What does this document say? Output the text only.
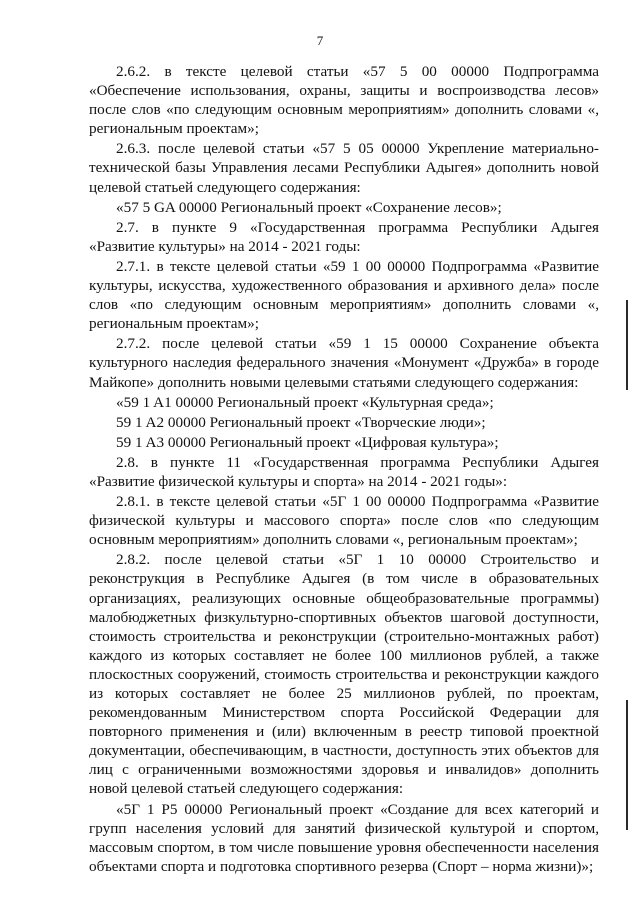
7

2.6.2. в тексте целевой статьи «57 5 00 00000 Подпрограмма «Обеспечение использования, охраны, защиты и воспроизводства лесов» после слов «по следующим основным мероприятиям» дополнить словами «, региональным проектам»;

2.6.3. после целевой статьи «57 5 05 00000 Укрепление материально-технической базы Управления лесами Республики Адыгея» дополнить новой целевой статьей следующего содержания:

«57 5 GA 00000 Региональный проект «Сохранение лесов»;

2.7. в пункте 9 «Государственная программа Республики Адыгея «Развитие культуры» на 2014 - 2021 годы:

2.7.1. в тексте целевой статьи «59 1 00 00000 Подпрограмма «Развитие культуры, искусства, художественного образования и архивного дела» после слов «по следующим основным мероприятиям» дополнить словами «, региональным проектам»;

2.7.2. после целевой статьи «59 1 15 00000 Сохранение объекта культурного наследия федерального значения «Монумент «Дружба» в городе Майкопе» дополнить новыми целевыми статьями следующего содержания:

«59 1 A1 00000 Региональный проект «Культурная среда»;

59 1 A2 00000 Региональный проект «Творческие люди»;

59 1 A3 00000 Региональный проект «Цифровая культура»;

2.8. в пункте 11 «Государственная программа Республики Адыгея «Развитие физической культуры и спорта» на 2014 - 2021 годы»:

2.8.1. в тексте целевой статьи «5Г 1 00 00000 Подпрограмма «Развитие физической культуры и массового спорта» после слов «по следующим основным мероприятиям» дополнить словами «, региональным проектам»;

2.8.2. после целевой статьи «5Г 1 10 00000 Строительство и реконструкция в Республике Адыгея (в том числе в образовательных организациях, реализующих основные общеобразовательные программы) малобюджетных физкультурно-спортивных объектов шаговой доступности, стоимость строительства и реконструкции (строительно-монтажных работ) каждого из которых составляет не более 100 миллионов рублей, а также плоскостных сооружений, стоимость строительства и реконструкции каждого из которых составляет не более 25 миллионов рублей, по проектам, рекомендованным Министерством спорта Российской Федерации для повторного применения и (или) включенным в реестр типовой проектной документации, обеспечивающим, в частности, доступность этих объектов для лиц с ограниченными возможностями здоровья и инвалидов» дополнить новой целевой статьей следующего содержания:

«5Г 1 P5 00000 Региональный проект «Создание для всех категорий и групп населения условий для занятий физической культурой и спортом, массовым спортом, в том числе повышение уровня обеспеченности населения объектами спорта и подготовка спортивного резерва (Спорт – норма жизни)»;
